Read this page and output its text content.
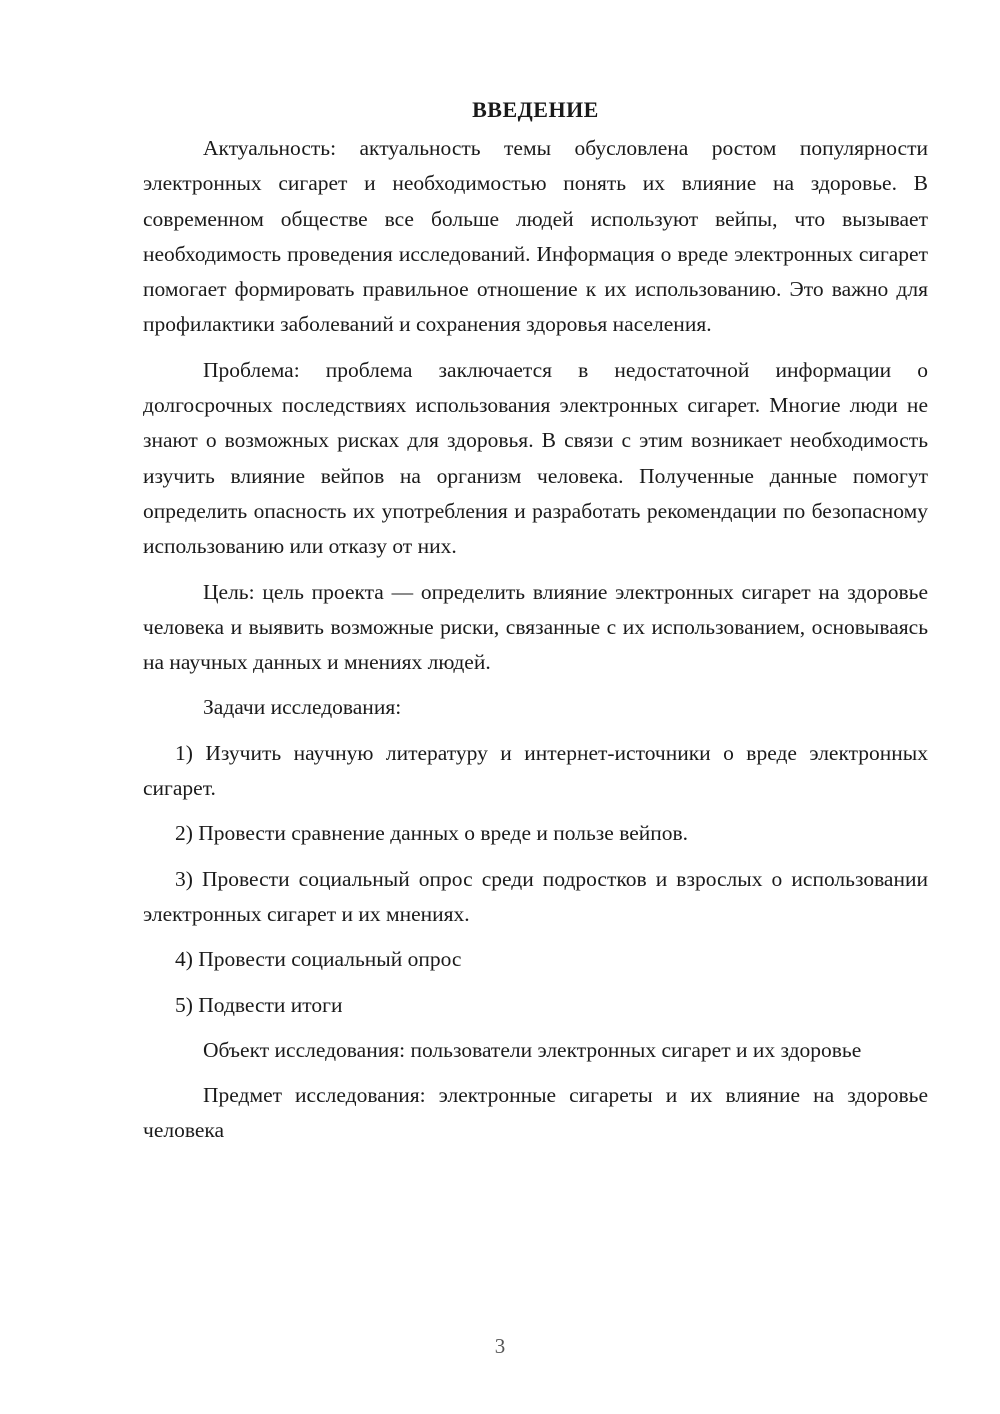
ВВЕДЕНИЕ

Актуальность: актуальность темы обусловлена ростом популярности электронных сигарет и необходимостью понять их влияние на здоровье. В современном обществе все больше людей используют вейпы, что вызывает необходимость проведения исследований. Информация о вреде электронных сигарет помогает формировать правильное отношение к их использованию. Это важно для профилактики заболеваний и сохранения здоровья населения.

Проблема: проблема заключается в недостаточной информации о долгосрочных последствиях использования электронных сигарет. Многие люди не знают о возможных рисках для здоровья. В связи с этим возникает необходимость изучить влияние вейпов на организм человека. Полученные данные помогут определить опасность их употребления и разработать рекомендации по безопасному использованию или отказу от них.

Цель: цель проекта — определить влияние электронных сигарет на здоровье человека и выявить возможные риски, связанные с их использованием, основываясь на научных данных и мнениях людей.

Задачи исследования:

1) Изучить научную литературу и интернет-источники о вреде электронных сигарет.

2) Провести сравнение данных о вреде и пользе вейпов.

3) Провести социальный опрос среди подростков и взрослых о использовании электронных сигарет и их мнениях.

4) Провести социальный опрос

5) Подвести итоги

Объект исследования: пользователи электронных сигарет и их здоровье

Предмет исследования: электронные сигареты и их влияние на здоровье человека

3
